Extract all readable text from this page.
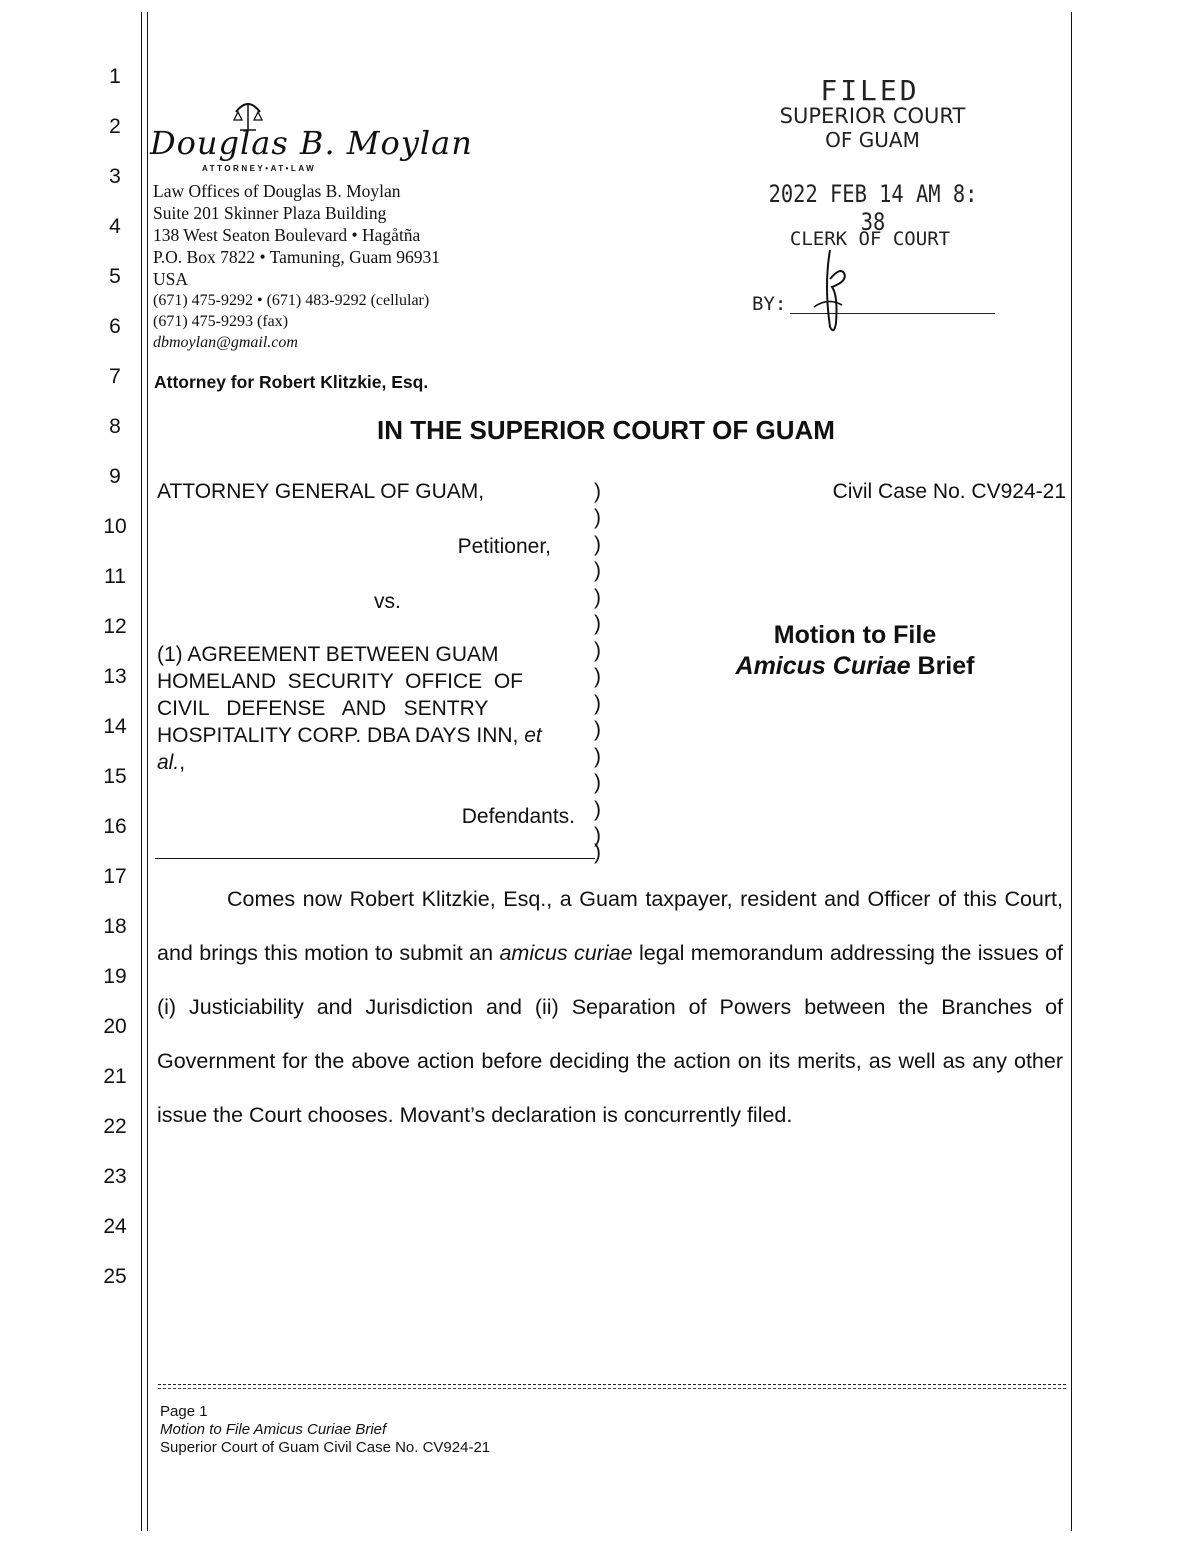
1
2
3
4
5
6
7
8
9
10
11
12
13
14
15
16
17
18
19
20
21
22
23
24
25
Douglas B. Moylan
ATTORNEY•AT•LAW
Law Offices of Douglas B. Moylan
Suite 201 Skinner Plaza Building
138 West Seaton Boulevard • Hagåtña
P.O. Box 7822 • Tamuning, Guam 96931
USA
(671) 475-9292 • (671) 483-9292 (cellular)
(671) 475-9293 (fax)
dbmoylan@gmail.com
Attorney for Robert Klitzkie, Esq.
FILED
SUPERIOR COURT
OF GUAM
2022 FEB 14 AM 8: 38
CLERK OF COURT
BY:
IN THE SUPERIOR COURT OF GUAM
ATTORNEY GENERAL OF GUAM,
Petitioner,
vs.
(1) AGREEMENT BETWEEN GUAM
HOMELAND  SECURITY  OFFICE  OF
CIVIL   DEFENSE   AND   SENTRY
HOSPITALITY CORP. DBA DAYS INN, et
al.,
Defendants.
)
)
)
)
)
)
)
)
)
)
)
)
)
)
)
Civil Case No. CV924-21
Motion to File
Amicus Curiae Brief
Comes now Robert Klitzkie, Esq., a Guam taxpayer, resident and Officer of this Court, and brings this motion to submit an amicus curiae legal memorandum addressing the issues of (i) Justiciability and Jurisdiction and (ii) Separation of Powers between the Branches of Government for the above action before deciding the action on its merits, as well as any other issue the Court chooses. Movant’s declaration is concurrently filed.
Page 1
Motion to File Amicus Curiae Brief
Superior Court of Guam Civil Case No. CV924-21
